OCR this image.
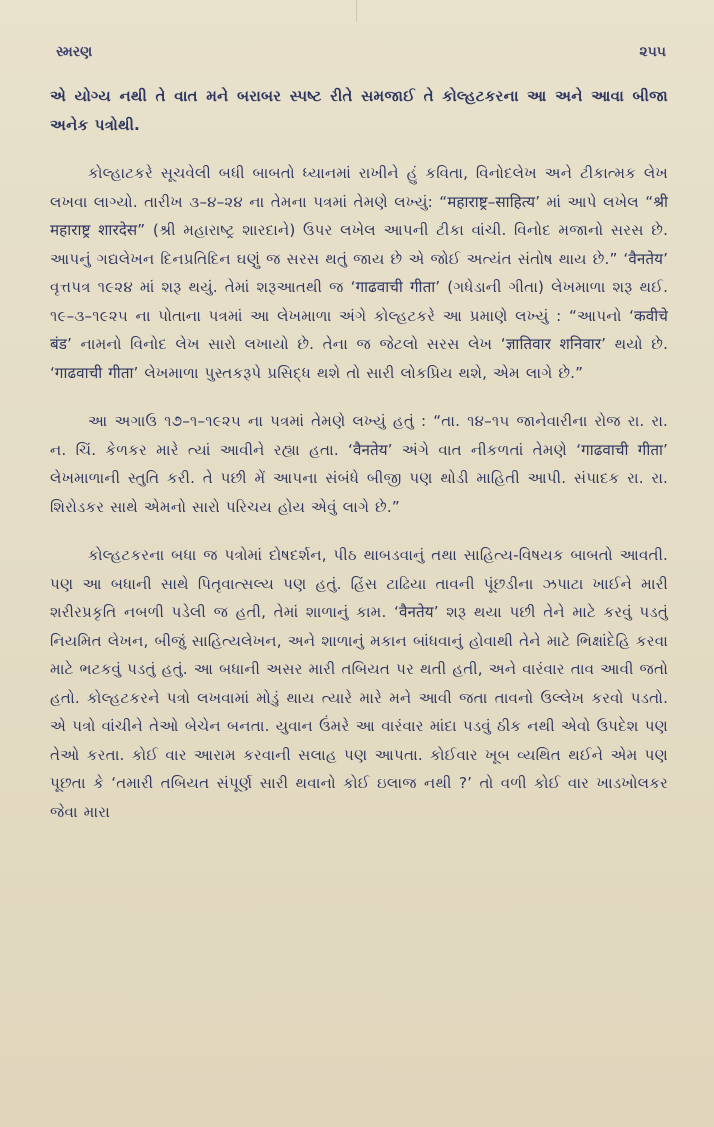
સ્મરણ	૨૫૫

એ યોગ્ય નથી તે વાત મને બરાબર સ્પષ્ટ રીતે સમજાઈ તે કોલ્હટકરના આ અને આવા બીજા અનેક પત્રોથી.

કોલ્હાટકરે સૂચવેલી બધી બાબતો ધ્યાનમાં રાખીને હું કવિતા, વિનોદલેખ અને ટીકાત્મક લેખ લખવા લાગ્યો. તારીખ ૩–૪–૨૪ ના તેમના પત્રમાં તેમણે લખ્યું: “महाराष्ट्र–साहित्य’ માં આપે લખેલ “श्री महाराष्ट्र शारदेस” (શ્રી મહારાષ્ટ્ર શારદાને) ઉપર લખેલ આપની ટીકા વાંચી. વિનોદ મજાનો સરસ છે. આપનું ગદ્યલેખન દિનપ્રતિદિન ઘણું જ સરસ થતું જાય છે એ જોઈ અત્યંત સંતોષ થાય છે.” ‘वैनतेय’ વૃત્તપત્ર ૧૯૨૪ માં શરૂ થયું. તેમાં શરૂઆતથી જ ‘गाढवाची गीता’ (ગધેડાની ગીતા) લેખમાળા શરૂ થઈ. ૧૯–૩–૧૯૨૫ ના પોતાના પત્રમાં આ લેખમાળા અંગે કોલ્હટકરે આ પ્રમાણે લખ્યું : “આપનો ‘कवीचे बंड’ નામનો વિનોદ લેખ સારો લખાયો છે. તેના જ જેટલો સરસ લેખ ‘ज्ञातिवार शनिवार’ થયો છે. ‘गाढवाची गीता’ લેખમાળા પુસ્તકરૂપે પ્રસિદ્ધ થશે તો સારી લોકપ્રિય થશે, એમ લાગે છે.”

આ અગાઉ ૧૭–૧–૧૯૨૫ ના પત્રમાં તેમણે લખ્યું હતું : “તા. ૧૪–૧૫ જાનેવારીના રોજ રા. રા. ન. ચિં. કેળકર મારે ત્યાં આવીને રહ્યા હતા. ‘वैनतेय’ અંગે વાત નીકળતાં તેમણે ‘गाढवाची गीता’ લેખમાળાની સ્તુતિ કરી. તે પછી મેં આપના સંબંધે બીજી પણ થોડી માહિતી આપી. સંપાદક રા. રા. શિરોડકર સાથે એમનો સારો પરિચય હોય એવું લાગે છે.”

કોલ્હટકરના બધા જ પત્રોમાં દોષદર્શન, પીઠ થાબડવાનું તથા સાહિત્ય-વિષયક બાબતો આવતી. પણ આ બધાની સાથે પિતૃવાત્સલ્ય પણ હતું. હિંસ ટાઢિયા તાવની પૂંછડીના ઝપાટા ખાઈને મારી શરીરપ્રકૃતિ નબળી પડેલી જ હતી, તેમાં શાળાનું કામ. ‘वैनतेय’ શરૂ થયા પછી તેને માટે કરવું પડતું નિયમિત લેખન, બીજું સાહિત્યલેખન, અને શાળાનું મકાન બાંધવાનું હોવાથી તેને માટે ભિક્ષાંદેહિ કરવા માટે ભટકવું પડતું હતું. આ બધાની અસર મારી તબિયત પર થતી હતી, અને વારંવાર તાવ આવી જતો હતો. કોલ્હટકરને પત્રો લખવામાં મોડું થાય ત્યારે મારે મને આવી જતા તાવનો ઉલ્લેખ કરવો પડતો. એ પત્રો વાંચીને તેઓ બેચેન બનતા. યુવાન ઉંમરે આ વારંવાર માંદા પડવું ઠીક નથી એવો ઉપદેશ પણ તેઓ કરતા. કોઈ વાર આરામ કરવાની સલાહ પણ આપતા. કોઈવાર ખૂબ વ્યથિત થઈને એમ પણ પૂછતા કે ‘તમારી તબિયત સંપૂર્ણ સારી થવાનો કોઈ ઇલાજ નથી ?’ તો વળી કોઈ વાર ખાડખોલકર જેવા મારા
